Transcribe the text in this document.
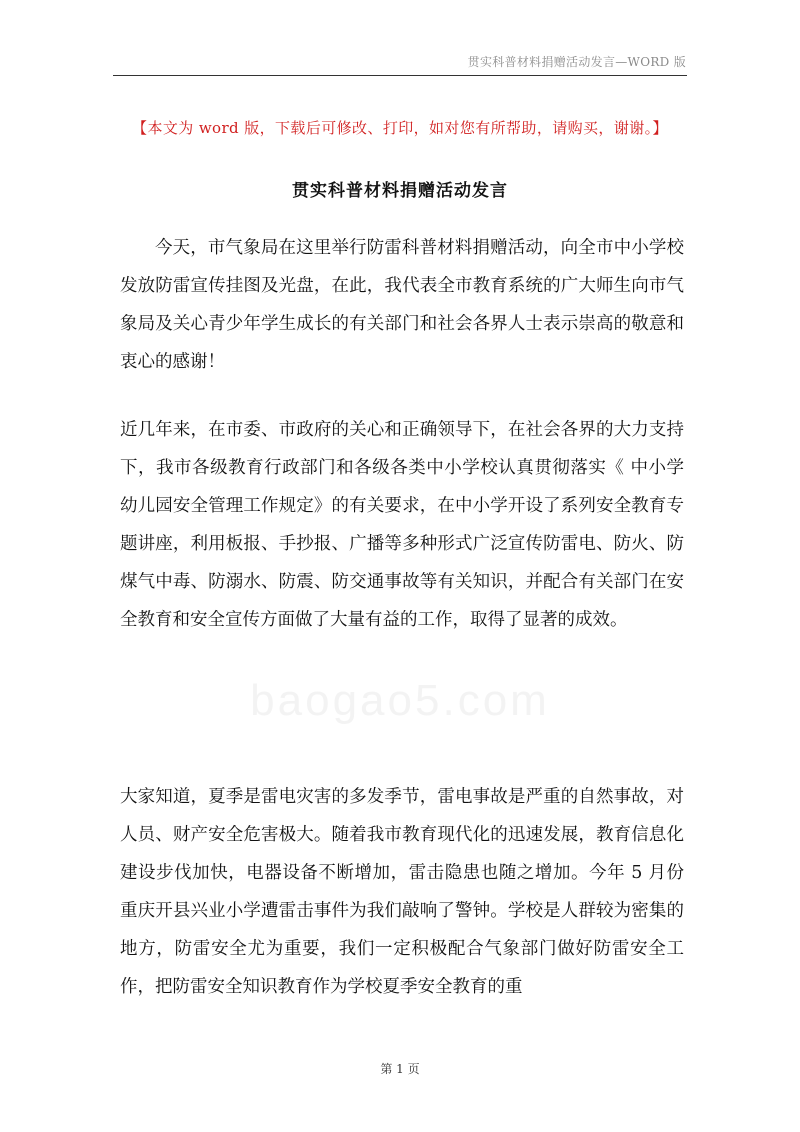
贯实科普材料捐赠活动发言—WORD 版
【本文为 word 版，下载后可修改、打印，如对您有所帮助，请购买，谢谢。】
贯实科普材料捐赠活动发言

今天，市气象局在这里举行防雷科普材料捐赠活动，向全市中小学校发放防雷宣传挂图及光盘，在此，我代表全市教育系统的广大师生向市气象局及关心青少年学生成长的有关部门和社会各界人士表示崇高的敬意和衷心的感谢！

近几年来，在市委、市政府的关心和正确领导下，在社会各界的大力支持下，我市各级教育行政部门和各级各类中小学校认真贯彻落实《 中小学幼儿园安全管理工作规定》的有关要求，在中小学开设了系列安全教育专题讲座，利用板报、手抄报、广播等多种形式广泛宣传防雷电、防火、防煤气中毒、防溺水、防震、防交通事故等有关知识，并配合有关部门在安全教育和安全宣传方面做了大量有益的工作，取得了显著的成效。

大家知道，夏季是雷电灾害的多发季节，雷电事故是严重的自然事故，对人员、财产安全危害极大。随着我市教育现代化的迅速发展，教育信息化建设步伐加快，电器设备不断增加，雷击隐患也随之增加。今年 5 月份重庆开县兴业小学遭雷击事件为我们敲响了警钟。学校是人群较为密集的地方，防雷安全尤为重要，我们一定积极配合气象部门做好防雷安全工作，把防雷安全知识教育作为学校夏季安全教育的重

baogao5.com
第 1 页
